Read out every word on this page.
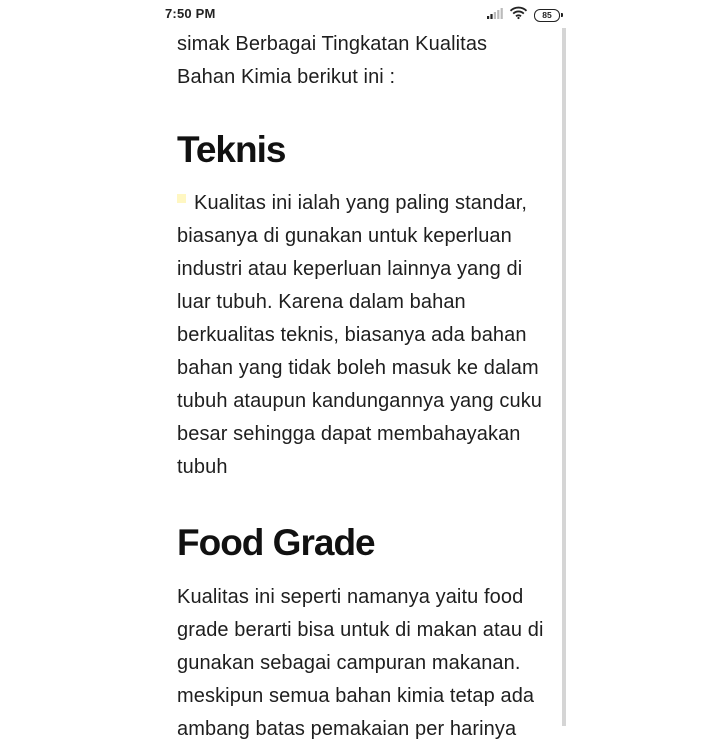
7:50 PM	85

simak Berbagai Tingkatan Kualitas
Bahan Kimia berikut ini :

Teknis

Kualitas ini ialah yang paling standar,
biasanya di gunakan untuk keperluan
industri atau keperluan lainnya yang di
luar tubuh. Karena dalam bahan
berkualitas teknis, biasanya ada bahan
bahan yang tidak boleh masuk ke dalam
tubuh ataupun kandungannya yang cuku
besar sehingga dapat membahayakan
tubuh

Food Grade

Kualitas ini seperti namanya yaitu food
grade berarti bisa untuk di makan atau di
gunakan sebagai campuran makanan.
meskipun semua bahan kimia tetap ada
ambang batas pemakaian per harinya
